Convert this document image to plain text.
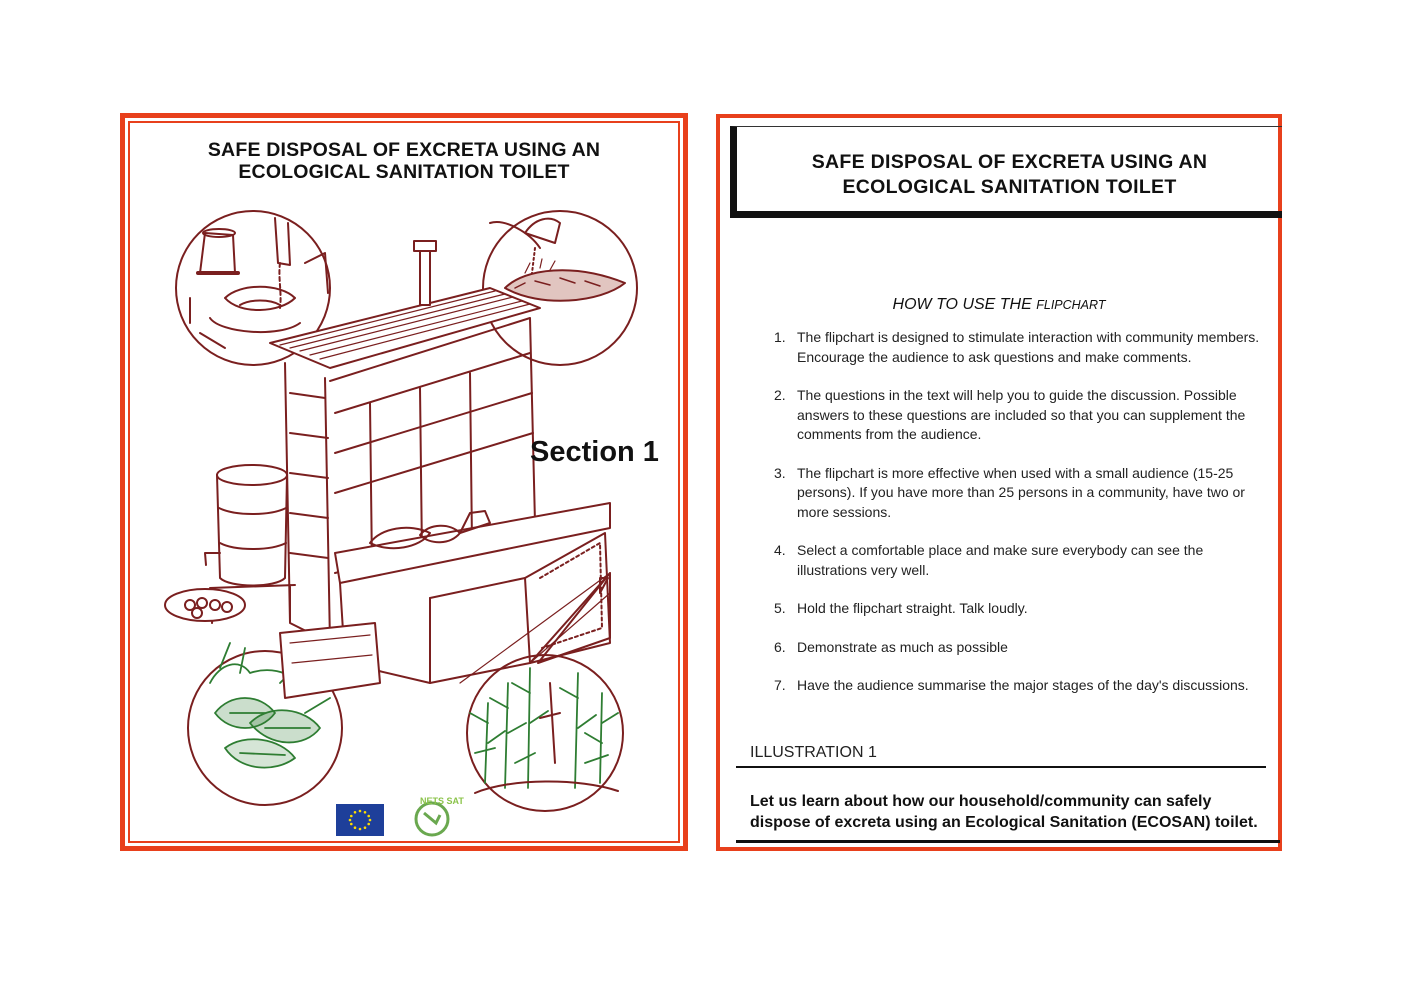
SAFE DISPOSAL OF EXCRETA USING AN
ECOLOGICAL SANITATION TOILET
Section 1
NETS SAT
SAFE DISPOSAL OF EXCRETA USING AN
ECOLOGICAL SANITATION TOILET
HOW TO USE THE FLIPCHART
1. The flipchart is designed to stimulate interaction with community members.
Encourage the audience to ask questions and make comments.
2. The questions in the text will help you to guide the discussion. Possible
answers to these questions are included so that you can supplement the
comments from the audience.
3. The flipchart is more effective when used with a small audience (15-25
persons). If you have more than 25 persons in a community, have two or
more sessions.
4. Select a comfortable place and make sure everybody can see the
illustrations very well.
5. Hold the flipchart straight. Talk loudly.
6. Demonstrate as much as possible
7. Have the audience summarise the major stages of the day's discussions.
ILLUSTRATION 1
Let us learn about how our household/community can safely
dispose of excreta using an Ecological Sanitation (ECOSAN) toilet.
